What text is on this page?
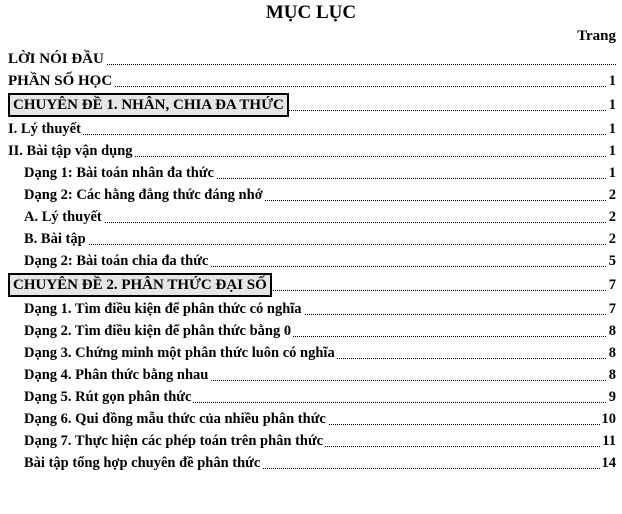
MỤC LỤC
Trang
LỜI NÓI ĐẦU
PHẦN SỐ HỌC	1
CHUYÊN ĐỀ 1. NHÂN, CHIA ĐA THỨC	1
I. Lý thuyết	1
II. Bài tập vận dụng	1
Dạng 1: Bài toán nhân đa thức	1
Dạng 2: Các hằng đẳng thức đáng nhớ	2
A. Lý thuyết	2
B. Bài tập	2
Dạng 2: Bài toán chia đa thức	5
CHUYÊN ĐỀ 2. PHÂN THỨC ĐẠI SỐ	7
Dạng 1. Tìm điều kiện để phân thức có nghĩa	7
Dạng 2. Tìm điều kiện để phân thức bằng 0	8
Dạng 3. Chứng minh một phân thức luôn có nghĩa	8
Dạng 4. Phân thức bằng nhau	8
Dạng 5. Rút gọn phân thức	9
Dạng 6. Qui đồng mẫu thức của nhiều phân thức	10
Dạng 7. Thực hiện các phép toán trên phân thức	11
Bài tập tổng hợp chuyên đề phân thức	14
